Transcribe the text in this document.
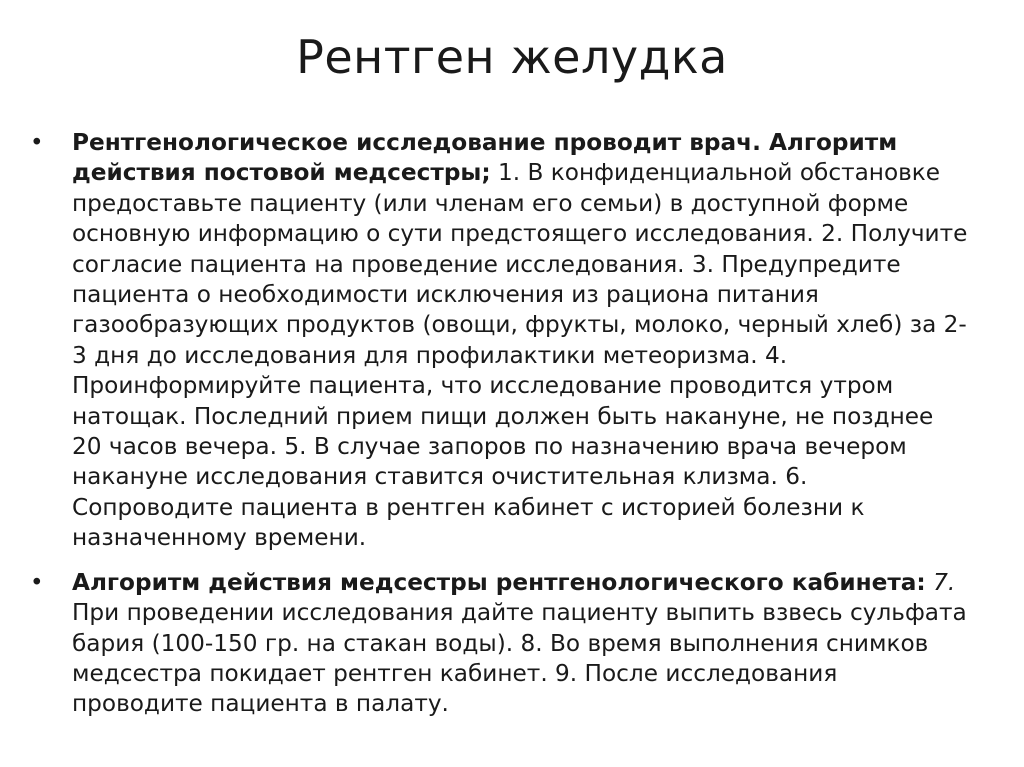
Рентген желудка
•	Рентгенологическое исследование проводит врач. Алгоритм действия постовой медсестры; 1. В конфиденциальной обстановке предоставьте пациенту (или членам его семьи) в доступной форме основную информацию о сути предстоящего исследования. 2. Получите согласие пациента на проведение исследования. 3. Предупредите пациента о необходимости исключения из рациона питания газообразующих продуктов (овощи, фрукты, молоко, черный хлеб) за 2-3 дня до исследования для профилактики метеоризма. 4. Проинформируйте пациента, что исследование проводится утром натощак. Последний прием пищи должен быть накануне, не позднее 20 часов вечера. 5. В случае запоров по назначению врача вечером накануне исследования ставится очистительная клизма. 6. Сопроводите пациента в рентген кабинет с историей болезни к назначенному времени.
•	Алгоритм действия медсестры рентгенологического кабинета: 7. При проведении исследования дайте пациенту выпить взвесь сульфата бария (100-150 гр. на стакан воды). 8. Во время выполнения снимков медсестра покидает рентген кабинет. 9. После исследования проводите пациента в палату.
